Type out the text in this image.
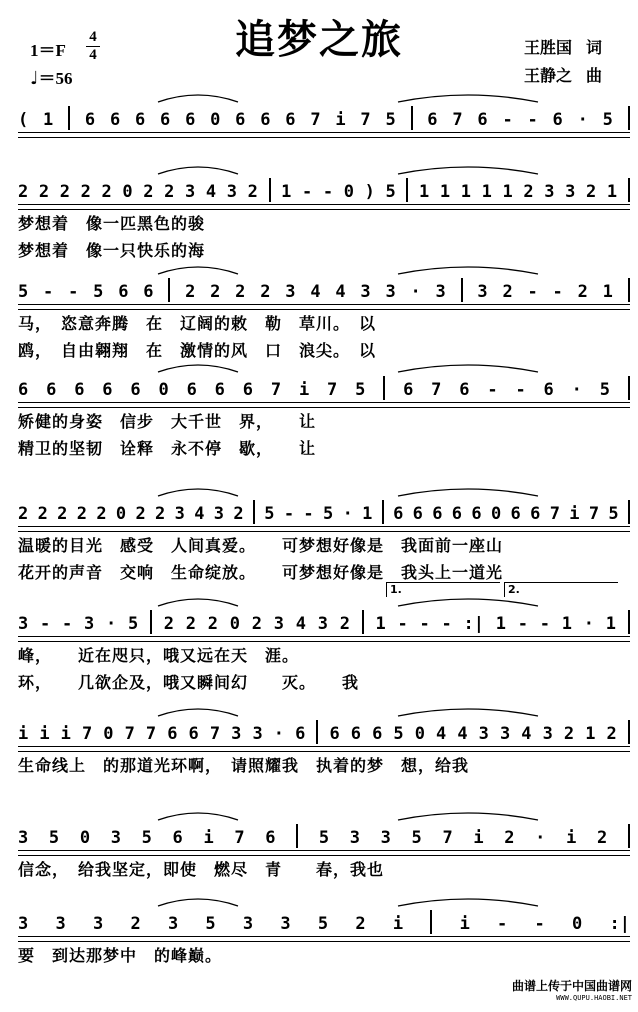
追梦之旅
1＝F
4
4
♩＝56
王胜国 词
王静之 曲
( 1 6 6 6 6 6 0 6 6 6 7 i 7 5 6 7 6 - - 6 · 5
2 2 2 2 2 0 2 2 3 4 3 2 1 - - 0 ) 5 1 1 1 1 1 2 3 3 2 1
梦想着　像一匹黑色的骏
梦想着　像一只快乐的海
5 - - 5 6 6 2 2 2 2 3 4 4 3 3 · 3 3 2 - - 2 1
马，　恣意奔腾　在　辽阔的敕　勒　草川。　以
鸥，　自由翱翔　在　激情的风　口　浪尖。　以
6 6 6 6 6 0 6 6 6 7 i 7 5 6 7 6 - - 6 · 5
矫健的身姿　信步　大千世　界，　　让
精卫的坚韧　诠释　永不停　歇，　　让
2 2 2 2 2 0 2 2 3 4 3 2 5 - - 5 · 1 6 6 6 6 6 0 6 6 7 i 7 5
温暖的目光　感受　人间真爱。　　可梦想好像是　我面前一座山
花开的声音　交响　生命绽放。　　可梦想好像是　我头上一道光
3 - - 3 · 5 2 2 2 0 2 3 4 3 2 1 - - - :| 1 - - 1 · 1
峰，　　近在咫只，哦又远在天　涯。
环，　　几欲企及，哦又瞬间幻　　灭。　　我
1.	2.
i i i 7 0 7 7 6 6 7 3 3 · 6 6 6 6 5 0 4 4 3 3 4 3 2 1 2
生命线上　的那道光环啊，　请照耀我　执着的梦　想，给我
3 5 0 3 5 6 i 7 6	5 3 3 5 7 i 2 · i 2
信念，　给我坚定，即使　燃尽　青　　春，我也
3 3 3 2 3 5 3 3 5 2 i	i - - 0 :|
要　到达那梦中　的峰巅。
曲谱上传于中国曲谱网
WWW.QUPU.HAOBI.NET
